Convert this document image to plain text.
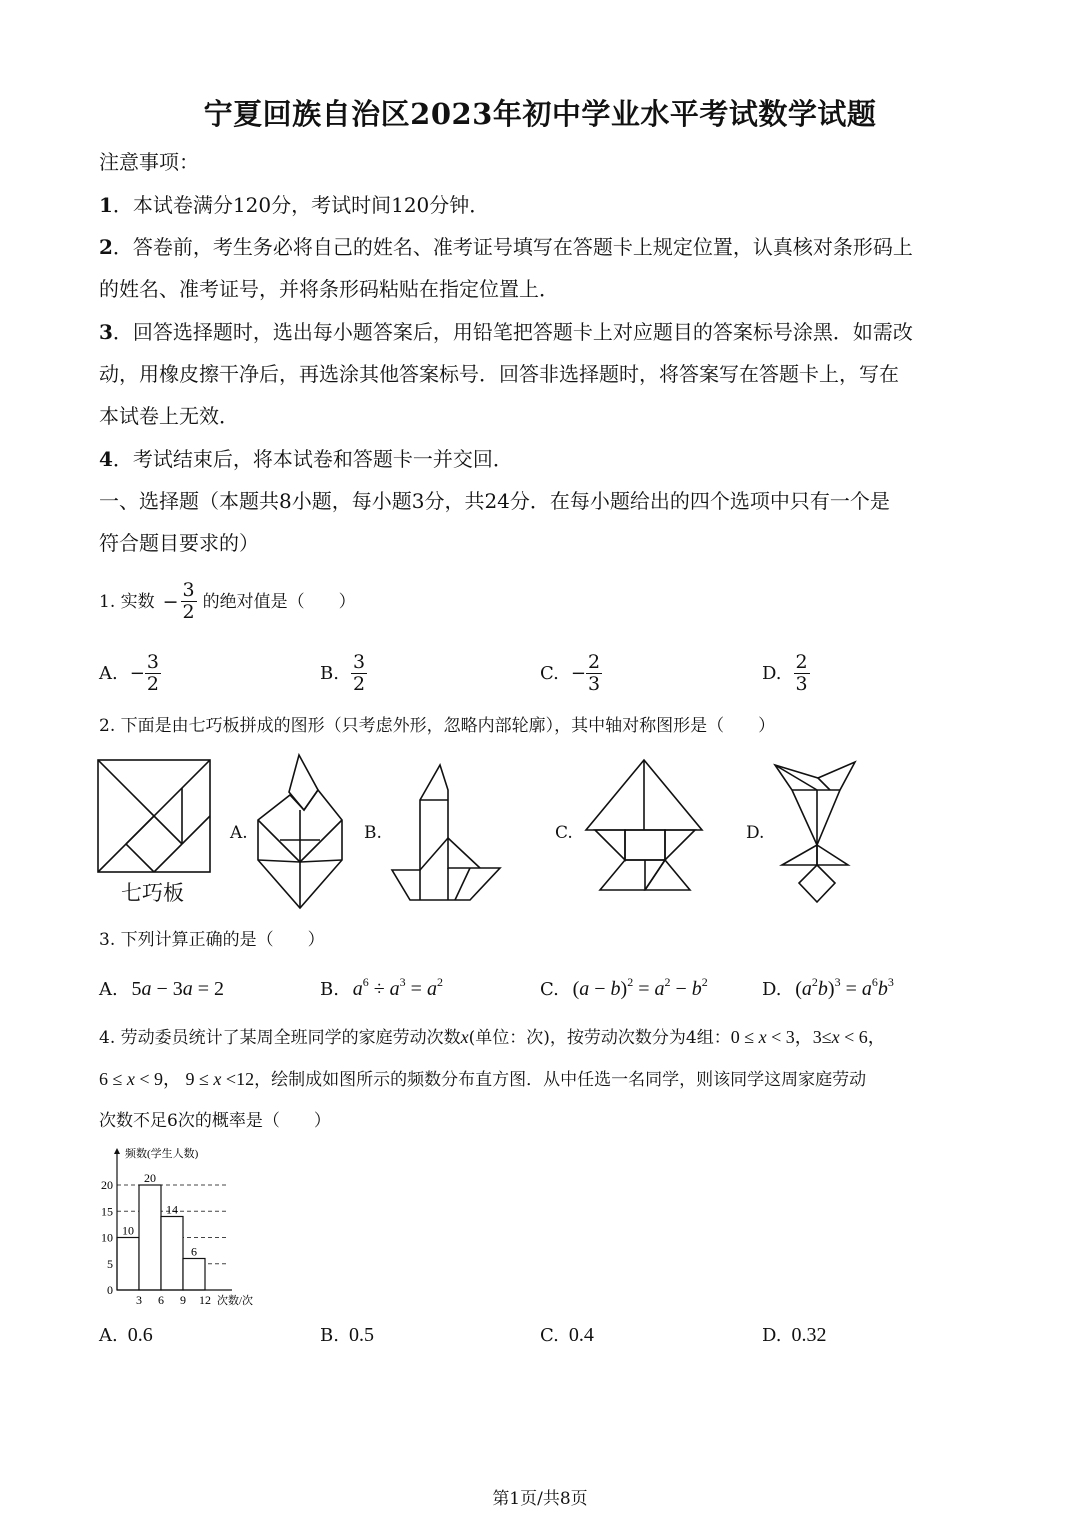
宁夏回族自治区2023年初中学业水平考试数学试题
注意事项：
1．本试卷满分120分，考试时间120分钟．
2．答卷前，考生务必将自己的姓名、准考证号填写在答题卡上规定位置，认真核对条形码上
的姓名、准考证号，并将条形码粘贴在指定位置上．
3．回答选择题时，选出每小题答案后，用铅笔把答题卡上对应题目的答案标号涂黑．如需改
动，用橡皮擦干净后，再选涂其他答案标号．回答非选择题时，将答案写在答题卡上，写在
本试卷上无效．
4．考试结束后，将本试卷和答题卡一并交回．
一、选择题（本题共8小题，每小题3分，共24分．在每小题给出的四个选项中只有一个是
符合题目要求的）
1. 实数 − $\frac{3}{2}$ 的绝对值是（　　）
A. − $\frac{3}{2}$	B. $\frac{3}{2}$	C. − $\frac{2}{3}$	D. $\frac{2}{3}$
2. 下面是由七巧板拼成的图形（只考虑外形，忽略内部轮廓），其中轴对称图形是（　　）
七巧板
A.	B.	C.	D.
3. 下列计算正确的是（　　）
A. 5a − 3a = 2	B. $a^6 \div a^3 = a^2$	C. $(a - b)^2 = a^2 - b^2$	D. $(a^2b)^3 = a^6b^3$
4. 劳动委员统计了某周全班同学的家庭劳动次数x(单位：次)，按劳动次数分为4组：0 ≤ x < 3，3≤x < 6，
6 ≤ x < 9， 9 ≤ x <12，绘制成如图所示的频数分布直方图．从中任选一名同学，则该同学这周家庭劳动
次数不足6次的概率是（　　）
10
20
14
6
0
5
10
15
20
3 6 9 12
频数(学生人数)
次数/次
A. 0.6	B. 0.5	C. 0.4	D. 0.32
第1页/共8页
